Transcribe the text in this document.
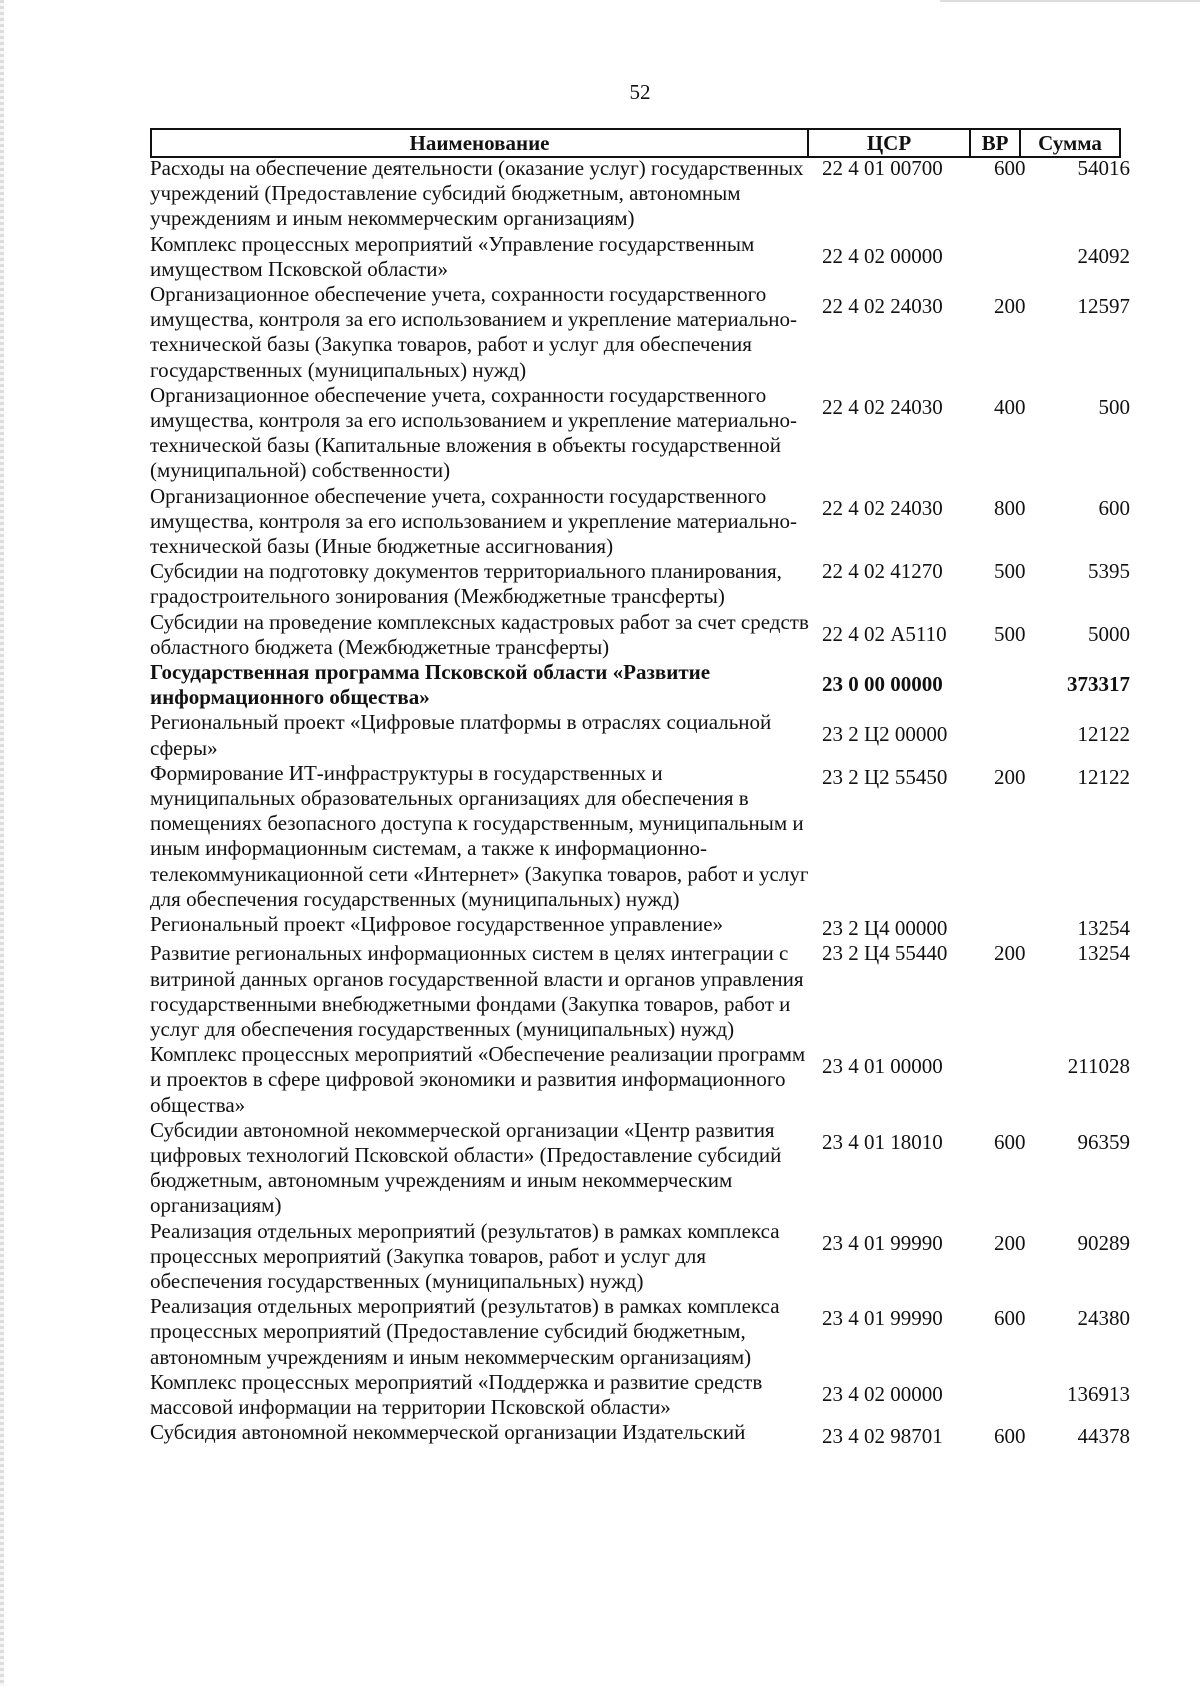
52
Наименование	ЦСР	ВР	Сумма
Расходы на обеспечение деятельности (оказание услуг) государственных учреждений (Предоставление субсидий бюджетным, автономным учреждениям и иным некоммерческим организациям)
22 4 01 00700	600	54016
Комплекс процессных мероприятий «Управление государственным имуществом Псковской области»
22 4 02 00000	24092
Организационное обеспечение учета, сохранности государственного имущества, контроля за его использованием и укрепление материально-технической базы (Закупка товаров, работ и услуг для обеспечения государственных (муниципальных) нужд)
22 4 02 24030	200	12597
Организационное обеспечение учета, сохранности государственного имущества, контроля за его использованием и укрепление материально-технической базы (Капитальные вложения в объекты государственной (муниципальной) собственности)
22 4 02 24030	400	500
Организационное обеспечение учета, сохранности государственного имущества, контроля за его использованием и укрепление материально-технической базы (Иные бюджетные ассигнования)
22 4 02 24030	800	600
Субсидии на подготовку документов территориального планирования, градостроительного зонирования (Межбюджетные трансферты)
22 4 02 41270	500	5395
Субсидии на проведение комплексных кадастровых работ за счет средств областного бюджета (Межбюджетные трансферты)
22 4 02 А5110	500	5000
Государственная программа Псковской области «Развитие информационного общества»
23 0 00 00000	373317
Региональный проект «Цифровые платформы в отраслях социальной сферы»
23 2 Ц2 00000	12122
Формирование ИТ-инфраструктуры в государственных и муниципальных образовательных организациях для обеспечения в помещениях безопасного доступа к государственным, муниципальным и иным информационным системам, а также к информационно-телекоммуникационной сети «Интернет» (Закупка товаров, работ и услуг для обеспечения государственных (муниципальных) нужд)
23 2 Ц2 55450	200	12122
Региональный проект «Цифровое государственное управление»	23 2 Ц4 00000	13254
Развитие региональных информационных систем в целях интеграции с витриной данных органов государственной власти и органов управления государственными внебюджетными фондами (Закупка товаров, работ и услуг для обеспечения государственных (муниципальных) нужд)
23 2 Ц4 55440	200	13254
Комплекс процессных мероприятий «Обеспечение реализации программ и проектов в сфере цифровой экономики и развития информационного общества»
23 4 01 00000	211028
Субсидии автономной некоммерческой организации «Центр развития цифровых технологий Псковской области» (Предоставление субсидий бюджетным, автономным учреждениям и иным некоммерческим организациям)
23 4 01 18010	600	96359
Реализация отдельных мероприятий (результатов) в рамках комплекса процессных мероприятий (Закупка товаров, работ и услуг для обеспечения государственных (муниципальных) нужд)
23 4 01 99990	200	90289
Реализация отдельных мероприятий (результатов) в рамках комплекса процессных мероприятий (Предоставление субсидий бюджетным, автономным учреждениям и иным некоммерческим организациям)
23 4 01 99990	600	24380
Комплекс процессных мероприятий «Поддержка и развитие средств массовой информации на территории Псковской области»
23 4 02 00000	136913
Субсидия автономной некоммерческой организации Издательский	23 4 02 98701	600	44378
